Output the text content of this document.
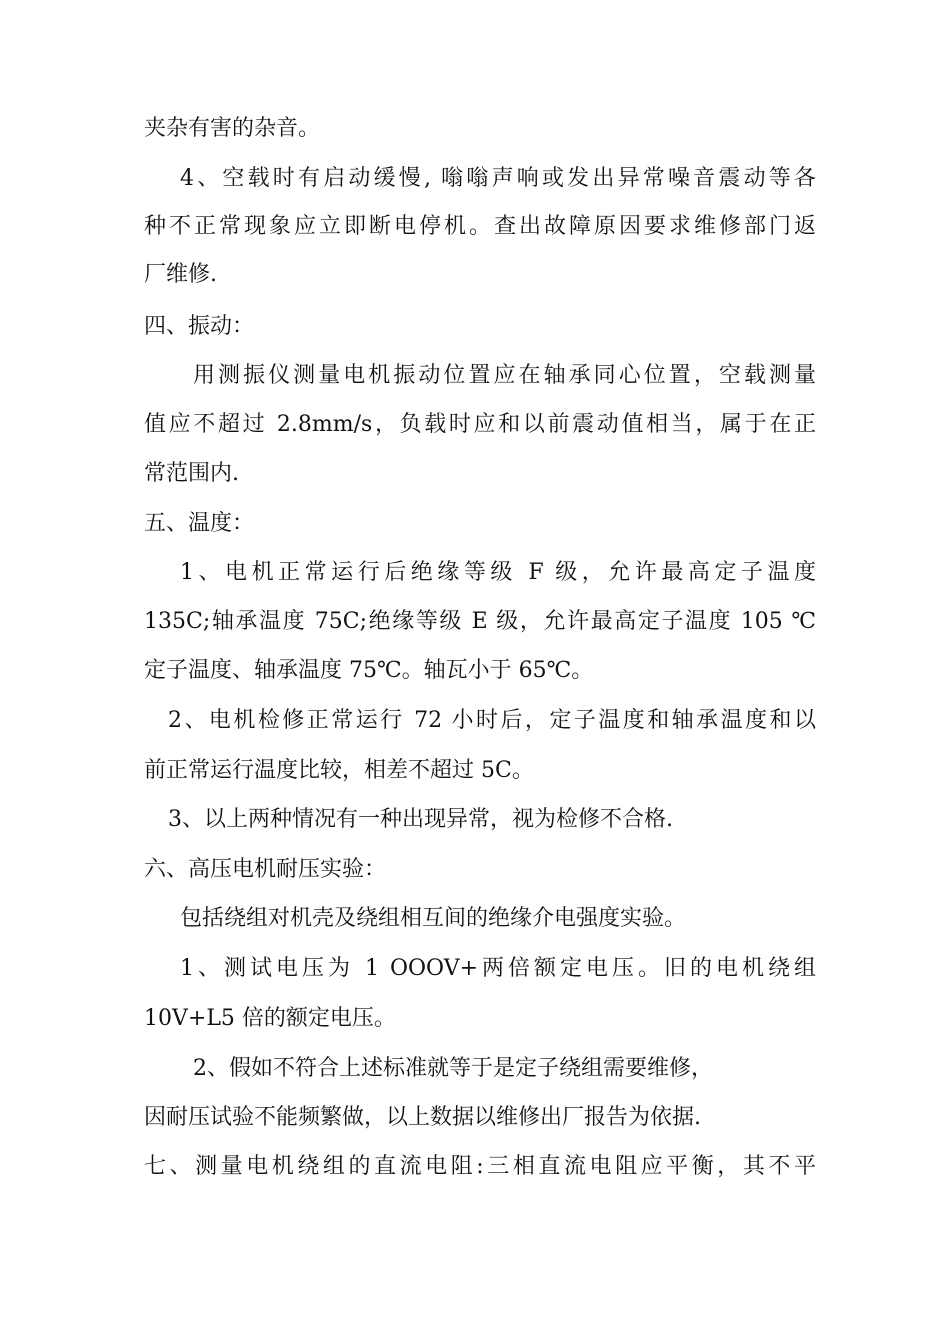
夹杂有害的杂音。
4、空载时有启动缓慢, 嗡嗡声响或发出异常噪音震动等各
种不正常现象应立即断电停机。查出故障原因要求维修部门返
厂维修.
四、振动：
用测振仪测量电机振动位置应在轴承同心位置，空载测量
值应不超过 2.8mm/s，负载时应和以前震动值相当，属于在正
常范围内.
五、温度：
1、电机正常运行后绝缘等级 F 级，允许最高定子温度
135C;轴承温度 75C;绝缘等级 E 级，允许最高定子温度 105 ℃
定子温度、轴承温度 75℃。轴瓦小于 65℃。
2、电机检修正常运行 72 小时后，定子温度和轴承温度和以
前正常运行温度比较，相差不超过 5C。
3、以上两种情况有一种出现异常，视为检修不合格.
六、高压电机耐压实验：
包括绕组对机壳及绕组相互间的绝缘介电强度实验。
1、测试电压为 1 OOOV+两倍额定电压。旧的电机绕组
10V+L5 倍的额定电压。
2、假如不符合上述标准就等于是定子绕组需要维修，
因耐压试验不能频繁做，以上数据以维修出厂报告为依据.
七、测量电机绕组的直流电阻:三相直流电阻应平衡，其不平
